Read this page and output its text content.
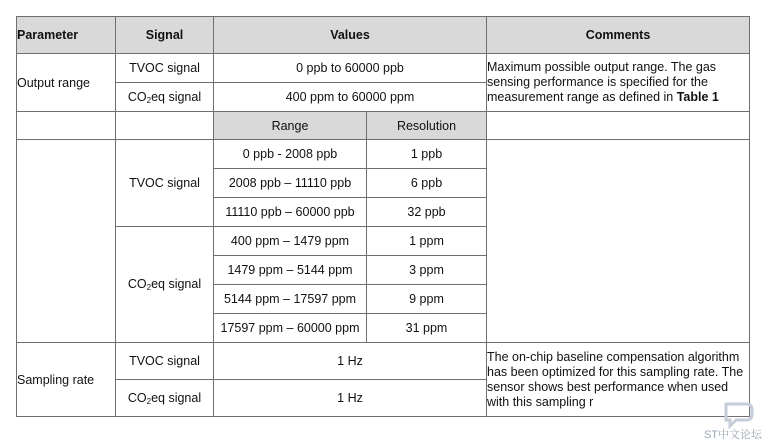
Parameter	Signal	Values		Comments
Output range	TVOC signal	0 ppb to 60000 ppb		Maximum possible output range. The gas sensing performance is specified for the measurement range as defined in Table 1
	$CO_2eq$ signal	400 ppm to 60000 ppm		
		Range	Resolution	
	TVOC signal	0 ppb - 2008 ppb	1 ppb	
		2008 ppb – 11110 ppb	6 ppb	
		11110 ppb – 60000 ppb	32 ppb	
	$CO_2eq$ signal	400 ppm – 1479 ppm	1 ppm	
		1479 ppm – 5144 ppm	3 ppm	
		5144 ppm – 17597 ppm	9 ppm	
		17597 ppm – 60000 ppm	31 ppm	
Sampling rate	TVOC signal	1 Hz		The on-chip baseline compensation algorithm has been optimized for this sampling rate. The sensor shows best performance when used with this sampling r
	$CO_2eq$ signal	1 Hz		
ST中文论坛
